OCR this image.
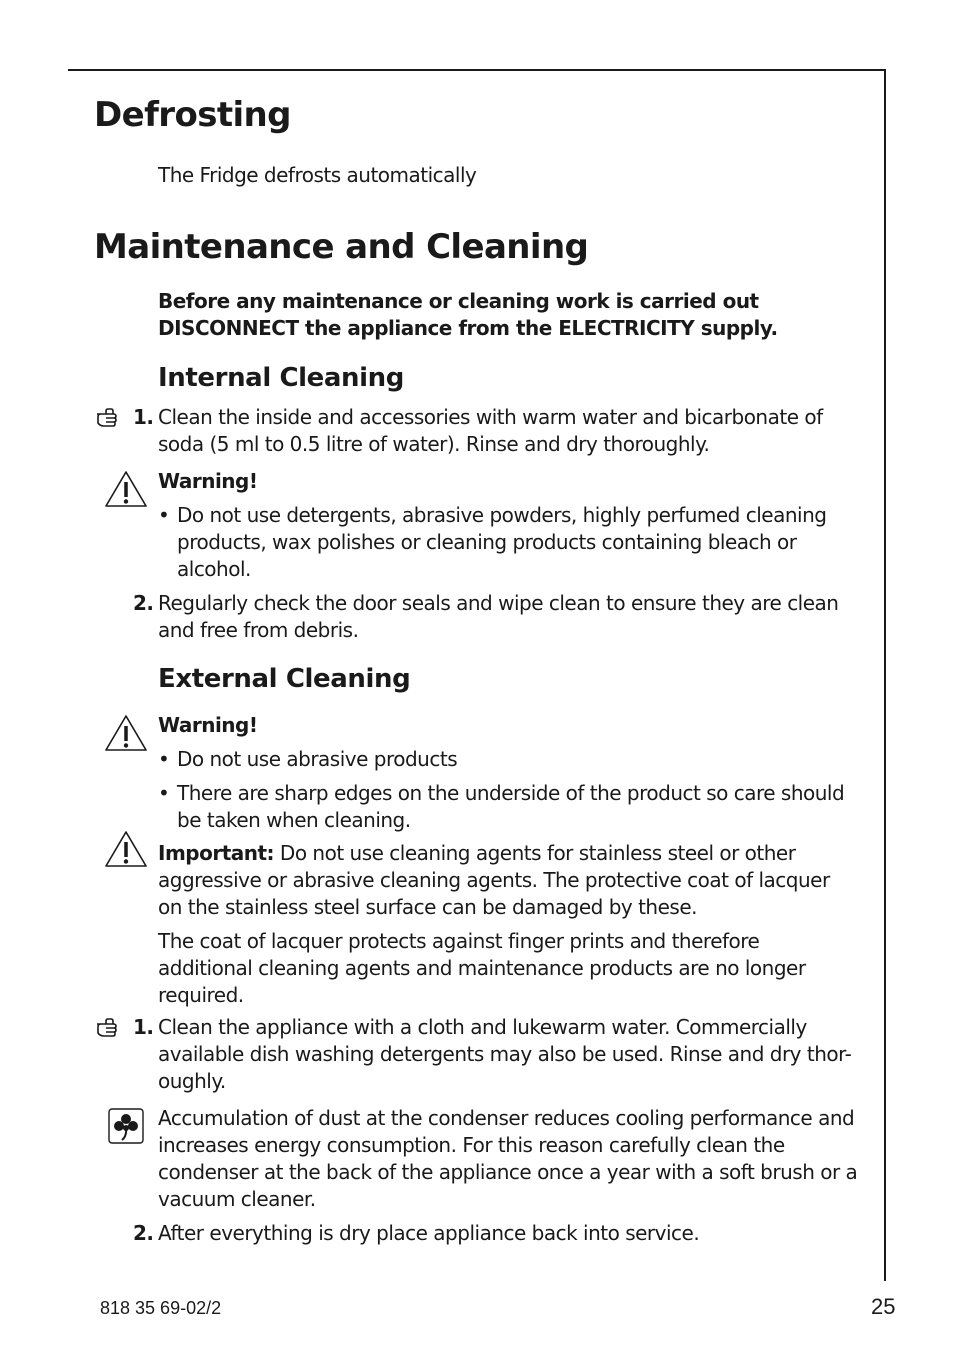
Defrosting

The Fridge defrosts automatically

Maintenance and Cleaning

Before any maintenance or cleaning work is carried out DISCONNECT the appliance from the ELECTRICITY supply.

Internal Cleaning
1. Clean the inside and accessories with warm water and bicarbonate of soda (5 ml to 0.5 litre of water). Rinse and dry thoroughly.

Warning!

• Do not use detergents, abrasive powders, highly perfumed cleaning products, wax polishes or cleaning products containing bleach or alcohol.
2. Regularly check the door seals and wipe clean to ensure they are clean and free from debris.

External Cleaning

Warning!

• Do not use abrasive products
• There are sharp edges on the underside of the product so care should be taken when cleaning.

Important: Do not use cleaning agents for stainless steel or other aggressive or abrasive cleaning agents. The protective coat of lacquer on the stainless steel surface can be damaged by these.

The coat of lacquer protects against finger prints and therefore additional cleaning agents and maintenance products are no longer required.

1. Clean the appliance with a cloth and lukewarm water. Commercially available dish washing detergents may also be used. Rinse and dry thor-oughly.

Accumulation of dust at the condenser reduces cooling performance and increases energy consumption. For this reason carefully clean the condenser at the back of the appliance once a year with a soft brush or a vacuum cleaner.

2. After everything is dry place appliance back into service.

818 35 69-02/2	25
